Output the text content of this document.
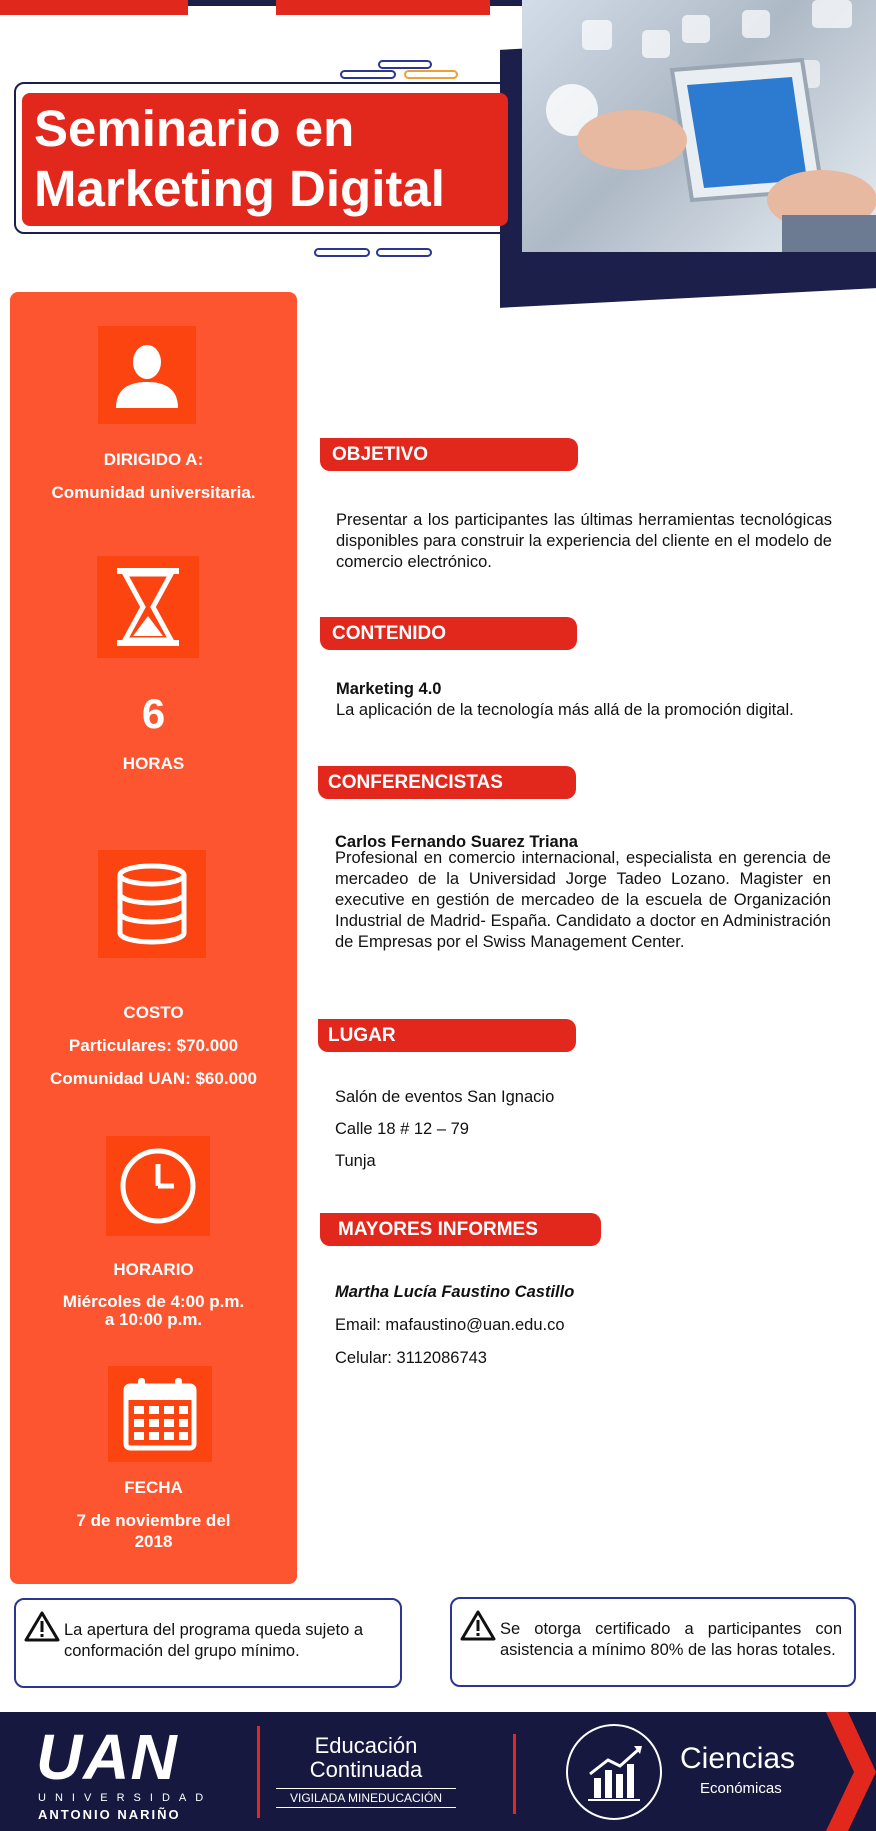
Seminario en
Marketing Digital
DIRIGIDO A:
Comunidad universitaria.
6
HORAS
COSTO
Particulares: $70.000
Comunidad UAN: $60.000
HORARIO
Miércoles de 4:00 p.m.
a 10:00 p.m.
FECHA
7 de noviembre del
2018
OBJETIVO
Presentar a los participantes las últimas herramientas tecnológicas disponibles para construir la experiencia del cliente en el modelo de comercio electrónico.
CONTENIDO
Marketing 4.0
La aplicación de la tecnología más allá de la promoción digital.
CONFERENCISTAS
Carlos Fernando Suarez Triana
Profesional en comercio internacional, especialista en gerencia de mercadeo de la Universidad Jorge Tadeo Lozano. Magister en executive en gestión de mercadeo de la escuela de Organización Industrial de Madrid- España. Candidato a doctor en Administración de Empresas por el Swiss Management Center.
LUGAR
Salón de eventos San Ignacio
Calle 18 # 12 – 79
Tunja
MAYORES INFORMES
Martha Lucía Faustino Castillo
Email: mafaustino@uan.edu.co
Celular: 3112086743
La apertura del programa queda sujeto a conformación del grupo mínimo.
Se otorga certificado a participantes con asistencia a mínimo 80% de las horas totales.
UAN
UNIVERSIDAD
ANTONIO NARIÑO
Educación
Continuada
VIGILADA MINEDUCACIÓN
Ciencias
Económicas
